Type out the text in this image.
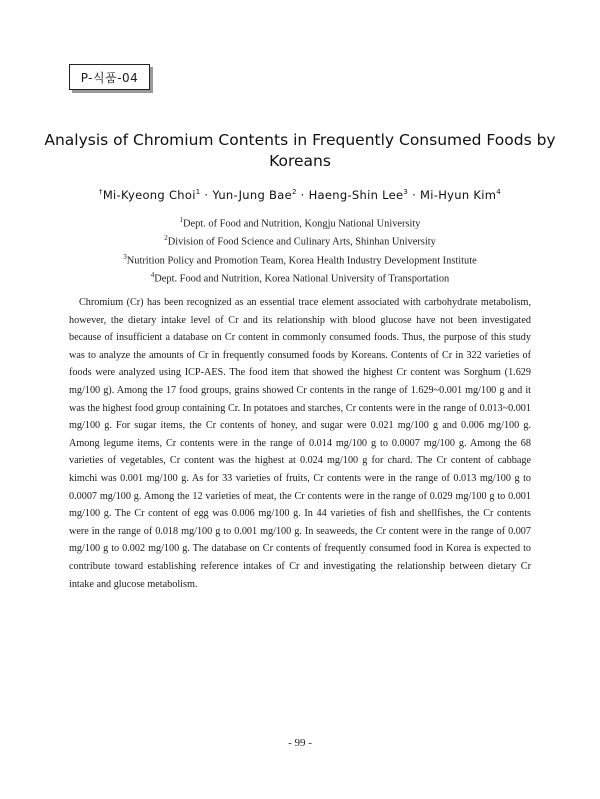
P-식품-04
Analysis of Chromium Contents in Frequently Consumed Foods by Koreans
†Mi-Kyeong Choi$^1$ · Yun-Jung Bae$^2$ · Haeng-Shin Lee$^3$ · Mi-Hyun Kim$^4$
$^1$Dept. of Food and Nutrition, Kongju National University
$^2$Division of Food Science and Culinary Arts, Shinhan University
$^3$Nutrition Policy and Promotion Team, Korea Health Industry Development Institute
$^4$Dept. Food and Nutrition, Korea National University of Transportation

Chromium (Cr) has been recognized as an essential trace element associated with carbohydrate metabolism, however, the dietary intake level of Cr and its relationship with blood glucose have not been investigated because of insufficient a database on Cr content in commonly consumed foods. Thus, the purpose of this study was to analyze the amounts of Cr in frequently consumed foods by Koreans. Contents of Cr in 322 varieties of foods were analyzed using ICP-AES. The food item that showed the highest Cr content was Sorghum (1.629 mg/100 g). Among the 17 food groups, grains showed Cr contents in the range of 1.629~0.001 mg/100 g and it was the highest food group containing Cr. In potatoes and starches, Cr contents were in the range of 0.013~0.001 mg/100 g. For sugar items, the Cr contents of honey, and sugar were 0.021 mg/100 g and 0.006 mg/100 g. Among legume items, Cr contents were in the range of 0.014 mg/100 g to 0.0007 mg/100 g. Among the 68 varieties of vegetables, Cr content was the highest at 0.024 mg/100 g for chard. The Cr content of cabbage kimchi was 0.001 mg/100 g. As for 33 varieties of fruits, Cr contents were in the range of 0.013 mg/100 g to 0.0007 mg/100 g. Among the 12 varieties of meat, the Cr contents were in the range of 0.029 mg/100 g to 0.001 mg/100 g. The Cr content of egg was 0.006 mg/100 g. In 44 varieties of fish and shellfishes, the Cr contents were in the range of 0.018 mg/100 g to 0.001 mg/100 g. In seaweeds, the Cr content were in the range of 0.007 mg/100 g to 0.002 mg/100 g. The database on Cr contents of frequently consumed food in Korea is expected to contribute toward establishing reference intakes of Cr and investigating the relationship between dietary Cr intake and glucose metabolism.

- 99 -
